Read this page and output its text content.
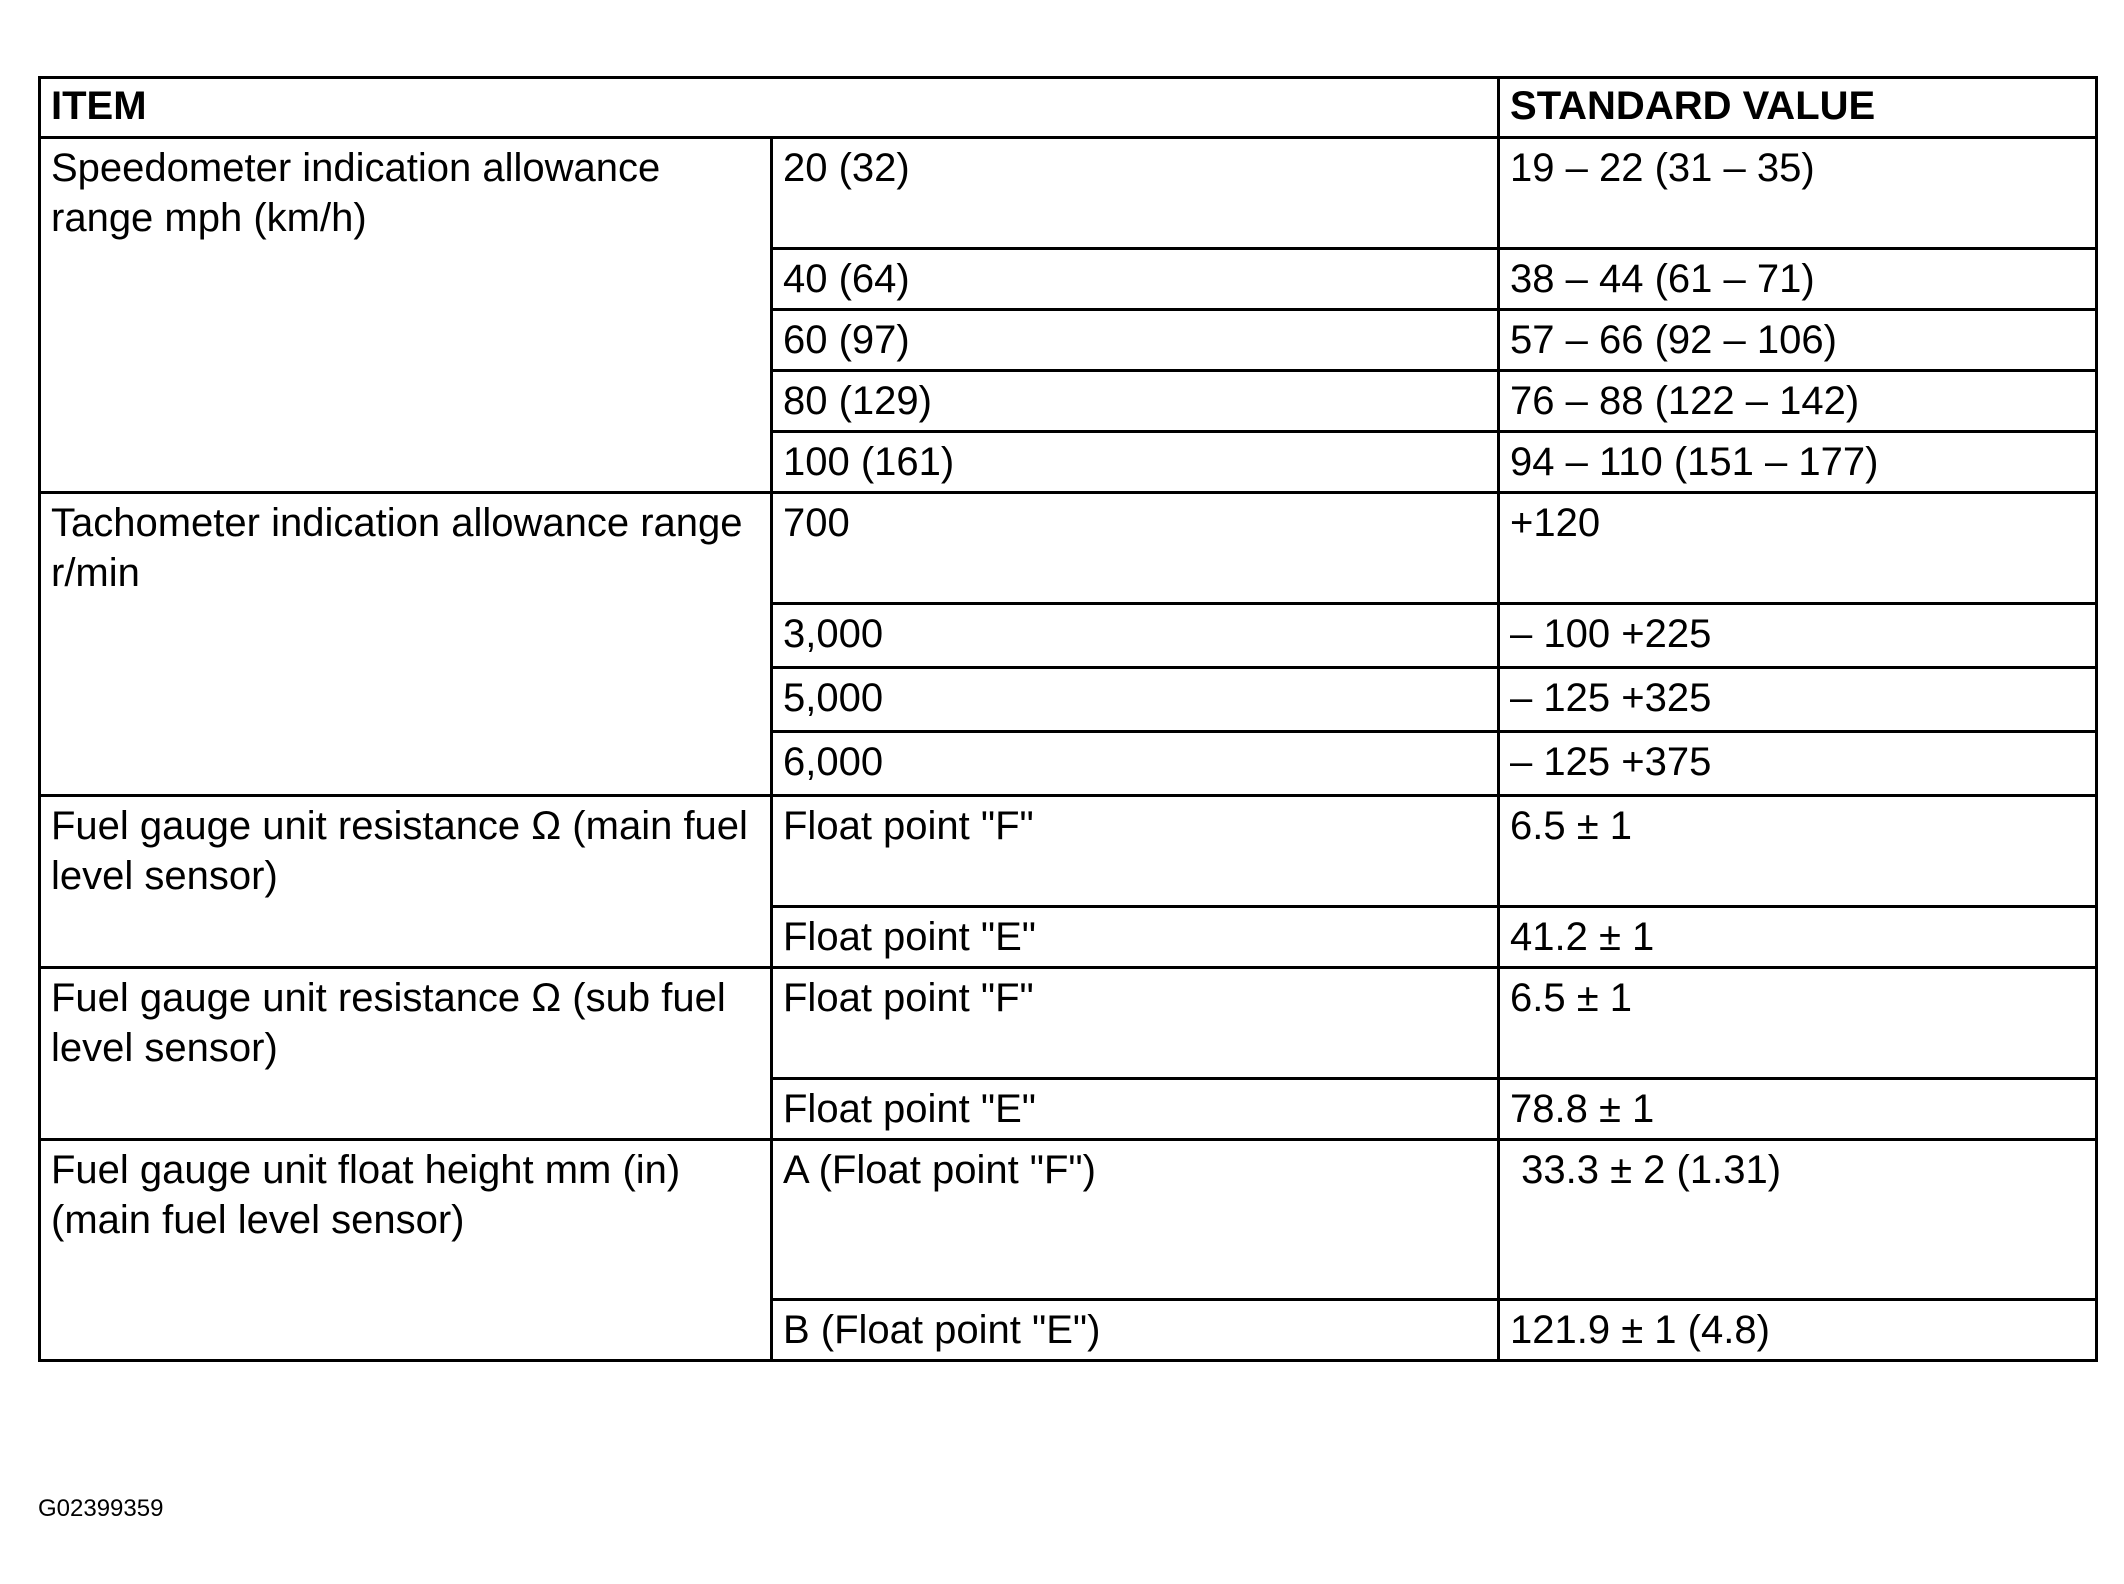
ITEM		STANDARD VALUE
Speedometer indication allowance range mph (km/h)	20 (32)	19 – 22 (31 – 35)
	40 (64)	38 – 44 (61 – 71)
	60 (97)	57 – 66 (92 – 106)
	80 (129)	76 – 88 (122 – 142)
	100 (161)	94 – 110 (151 – 177)
Tachometer indication allowance range r/min	700	+120
	3,000	– 100 +225
	5,000	– 125 +325
	6,000	– 125 +375
Fuel gauge unit resistance Ω (main fuel level sensor)	Float point "F"	6.5 ± 1
	Float point "E"	41.2 ± 1
Fuel gauge unit resistance Ω (sub fuel level sensor)	Float point "F"	6.5 ± 1
	Float point "E"	78.8 ± 1
Fuel gauge unit float height mm (in) (main fuel level sensor)	A (Float point "F")	33.3 ± 2 (1.31)
	B (Float point "E")	121.9 ± 1 (4.8)
G02399359
